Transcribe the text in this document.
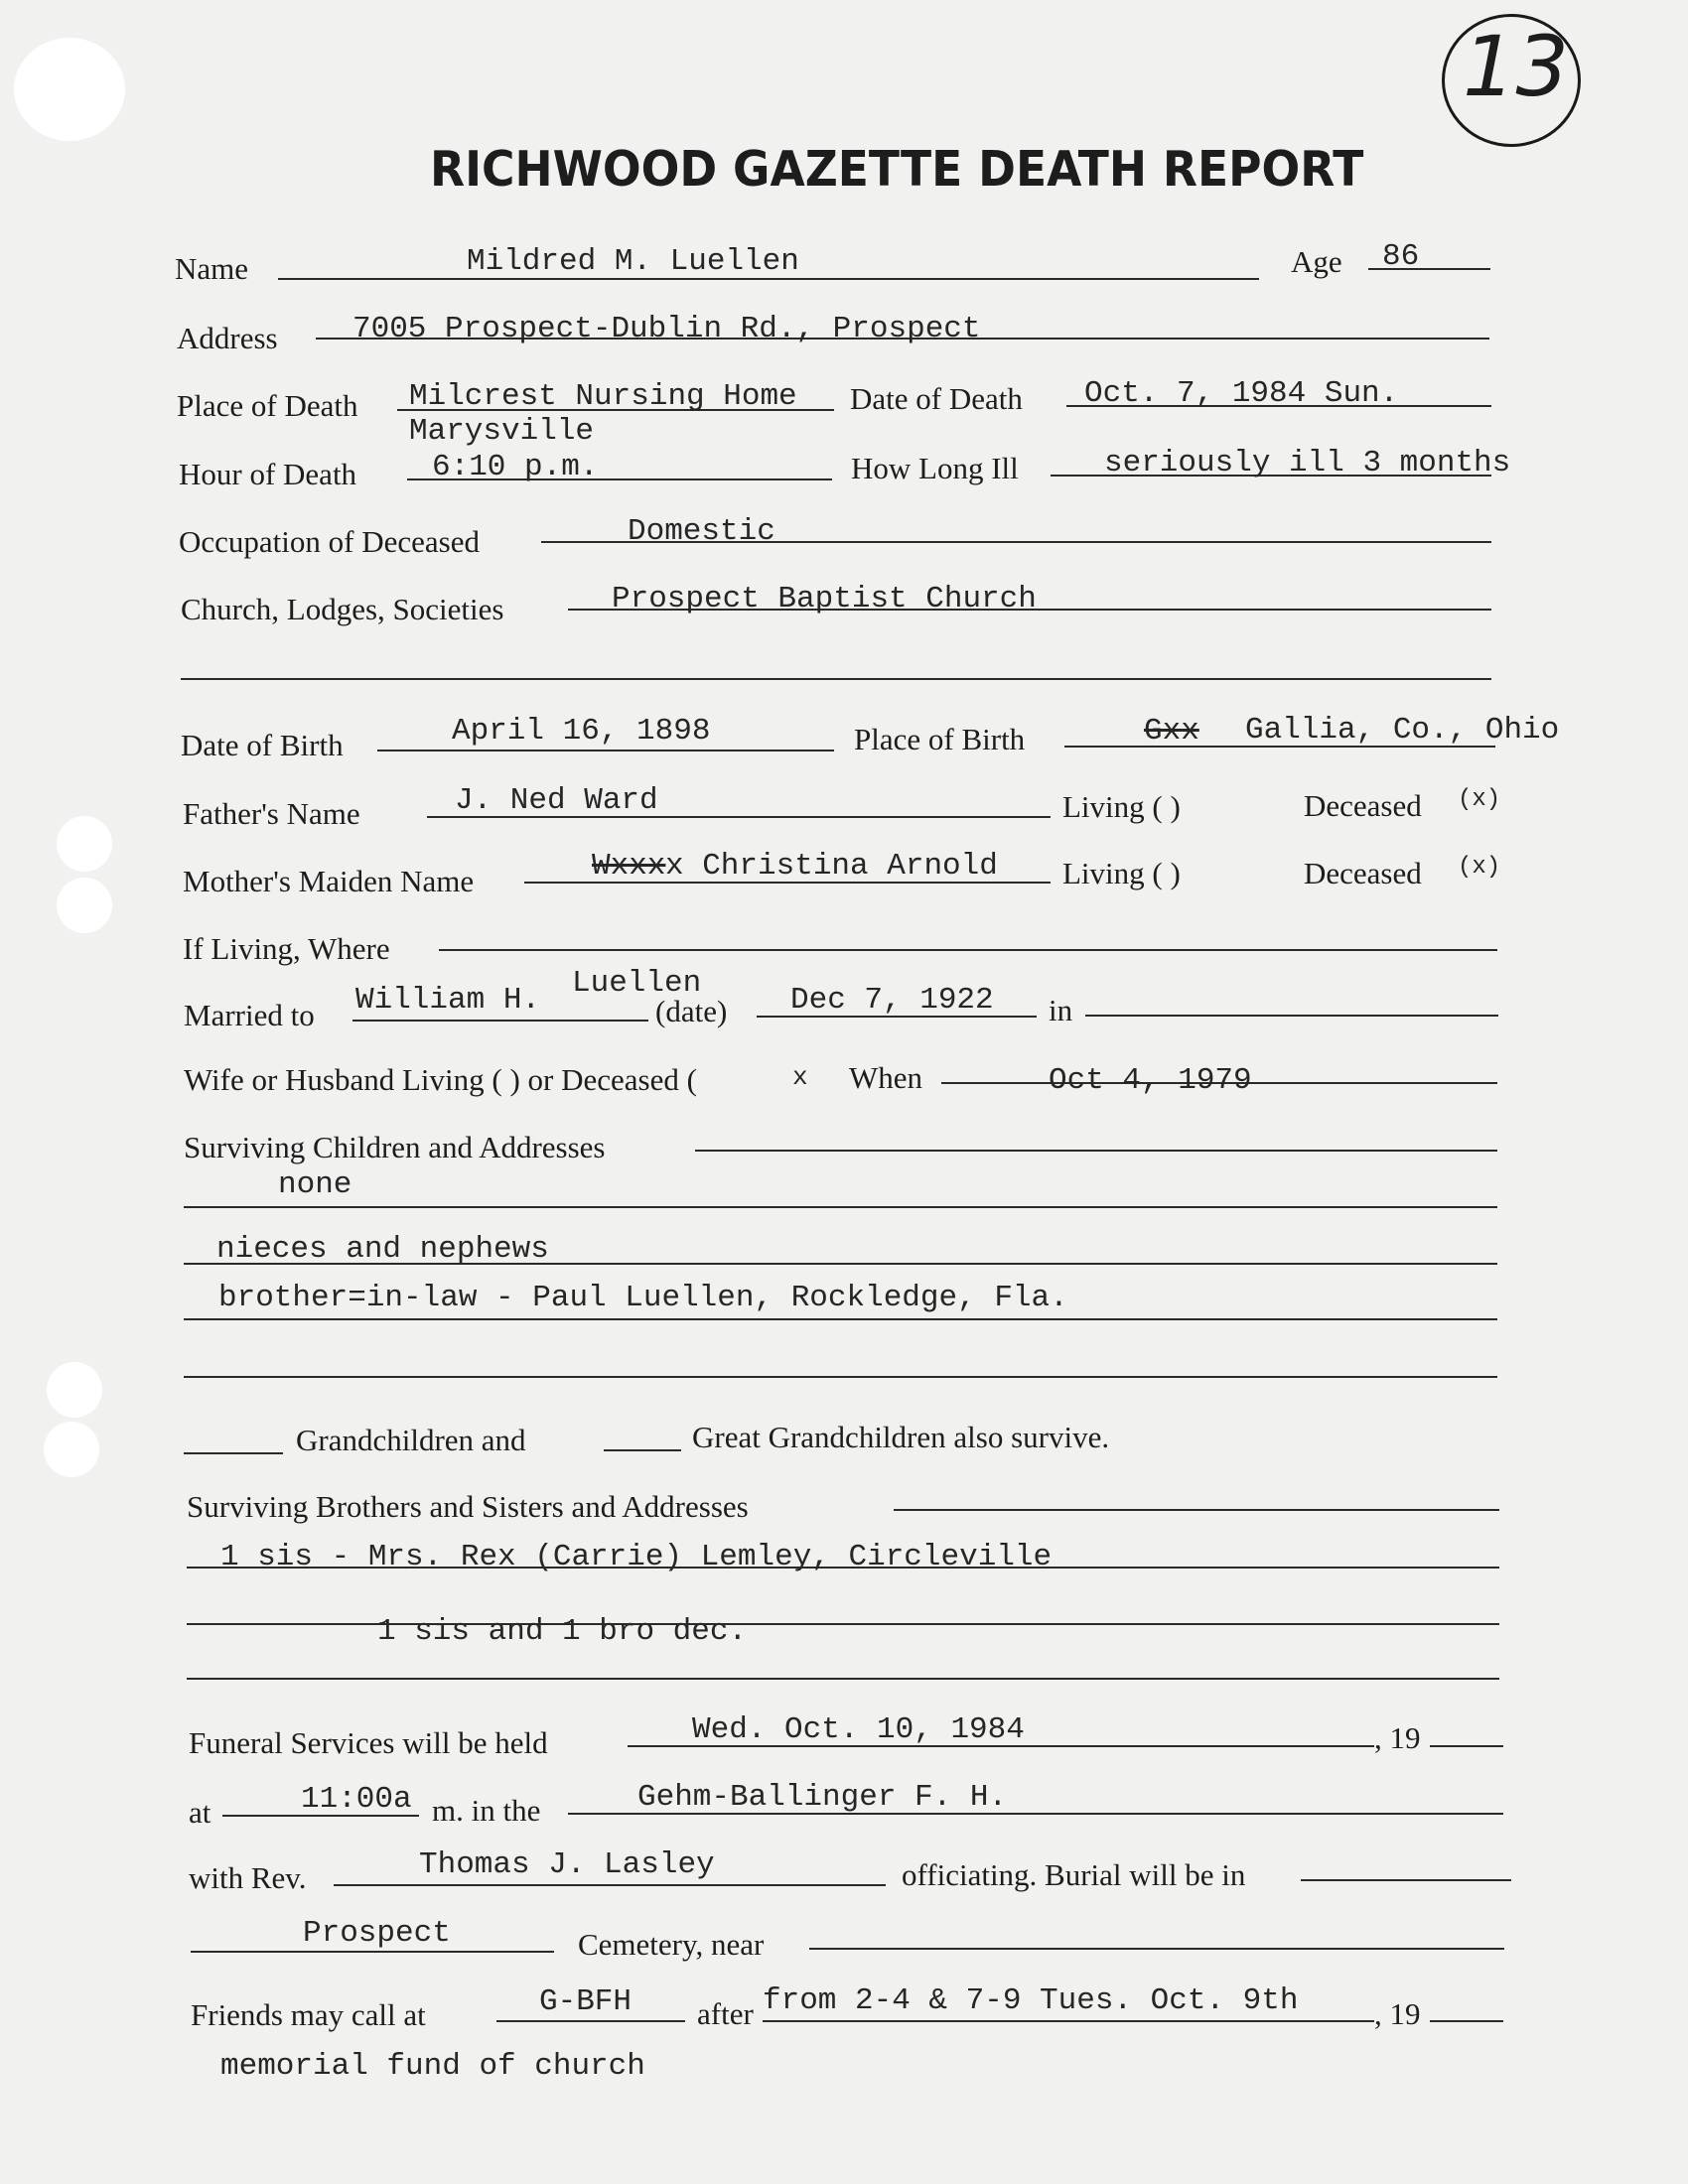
13
RICHWOOD GAZETTE DEATH REPORT
Name	Mildred M. Luellen	Age 86
Address 7005 Prospect-Dublin Rd., Prospect
Place of Death Milcrest Nursing Home
Marysville
Date of Death Oct. 7, 1984 Sun.
Hour of Death 6:10 p.m.	How Long Ill	seriously ill 3 months
Occupation of Deceased	Domestic
Church, Lodges, Societies	Prospect Baptist Church
Date of Birth	April 16, 1898	Place of Birth	Gxx Gallia, Co., Ohio
Father's Name	J. Ned Ward	Living ( )	Deceased (x)
Mother's Maiden Name	Wxxx x Christina Arnold Living ( )	Deceased (x)
If Living, Where
Married to William H. Luellen
(date) Dec 7, 1922 in
Wife or Husband Living ( ) or Deceased (	x When	Oct 4, 1979
Surviving Children and Addresses
none
nieces and nephews
brother=in-law - Paul Luellen, Rockledge, Fla.
Grandchildren and	Great Grandchildren also survive.
Surviving Brothers and Sisters and Addresses
1 sis - Mrs. Rex (Carrie) Lemley, Circleville
1 sis and 1 bro dec.
Funeral Services will be held	Wed. Oct. 10, 1984	, 19
at	11:00a m. in the	Gehm-Ballinger F. H.
with Rev.	Thomas J. Lasley	officiating. Burial will be in
Prospect	Cemetery, near
Friends may call at	G-BFH after from 2-4 & 7-9 Tues. Oct. 9th , 19
memorial fund of church
